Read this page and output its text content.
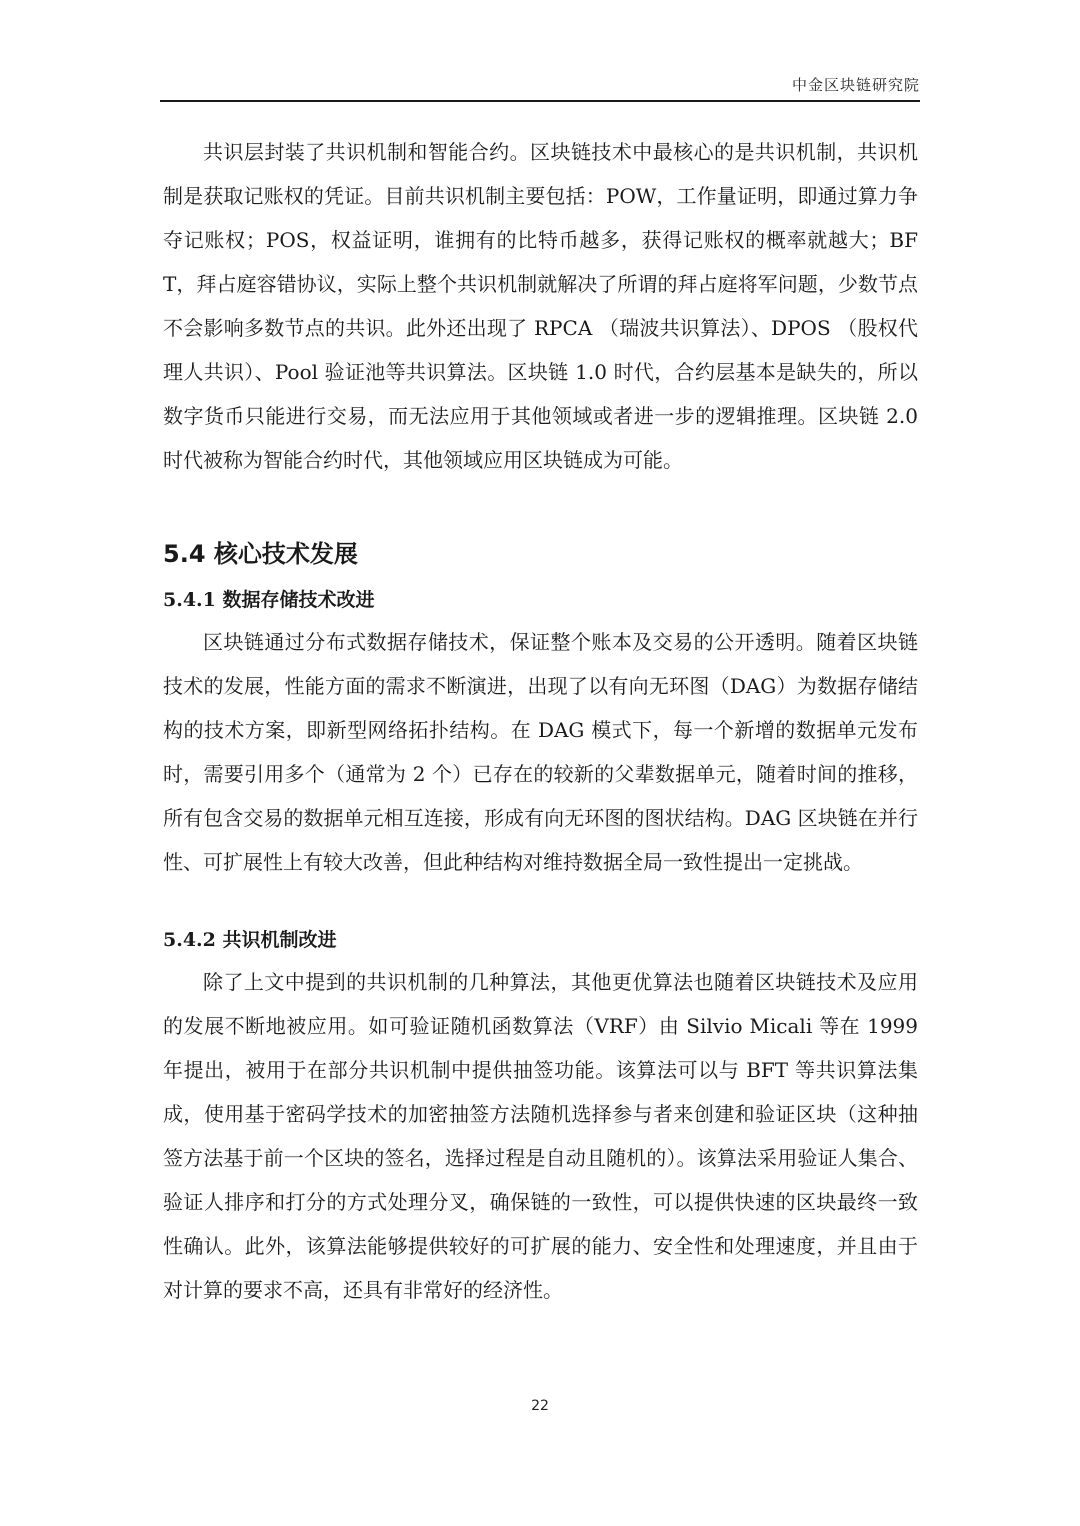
中金区块链研究院

共识层封装了共识机制和智能合约。区块链技术中最核心的是共识机制，共识机制是获取记账权的凭证。目前共识机制主要包括：POW，工作量证明，即通过算力争夺记账权；POS，权益证明，谁拥有的比特币越多，获得记账权的概率就越大；BFT，拜占庭容错协议，实际上整个共识机制就解决了所谓的拜占庭将军问题，少数节点不会影响多数节点的共识。此外还出现了 RPCA （瑞波共识算法）、DPOS （股权代理人共识）、Pool 验证池等共识算法。区块链 1.0 时代，合约层基本是缺失的，所以数字货币只能进行交易，而无法应用于其他领域或者进一步的逻辑推理。区块链 2.0 时代被称为智能合约时代，其他领域应用区块链成为可能。

5.4 核心技术发展
5.4.1 数据存储技术改进

区块链通过分布式数据存储技术，保证整个账本及交易的公开透明。随着区块链技术的发展，性能方面的需求不断演进，出现了以有向无环图（DAG）为数据存储结构的技术方案，即新型网络拓扑结构。在 DAG 模式下，每一个新增的数据单元发布时，需要引用多个（通常为 2 个）已存在的较新的父辈数据单元，随着时间的推移，所有包含交易的数据单元相互连接，形成有向无环图的图状结构。DAG 区块链在并行性、可扩展性上有较大改善，但此种结构对维持数据全局一致性提出一定挑战。

5.4.2 共识机制改进

除了上文中提到的共识机制的几种算法，其他更优算法也随着区块链技术及应用的发展不断地被应用。如可验证随机函数算法（VRF）由 Silvio Micali 等在 1999 年提出，被用于在部分共识机制中提供抽签功能。该算法可以与 BFT 等共识算法集成，使用基于密码学技术的加密抽签方法随机选择参与者来创建和验证区块（这种抽签方法基于前一个区块的签名，选择过程是自动且随机的）。该算法采用验证人集合、验证人排序和打分的方式处理分叉，确保链的一致性，可以提供快速的区块最终一致性确认。此外，该算法能够提供较好的可扩展的能力、安全性和处理速度，并且由于对计算的要求不高，还具有非常好的经济性。

22
